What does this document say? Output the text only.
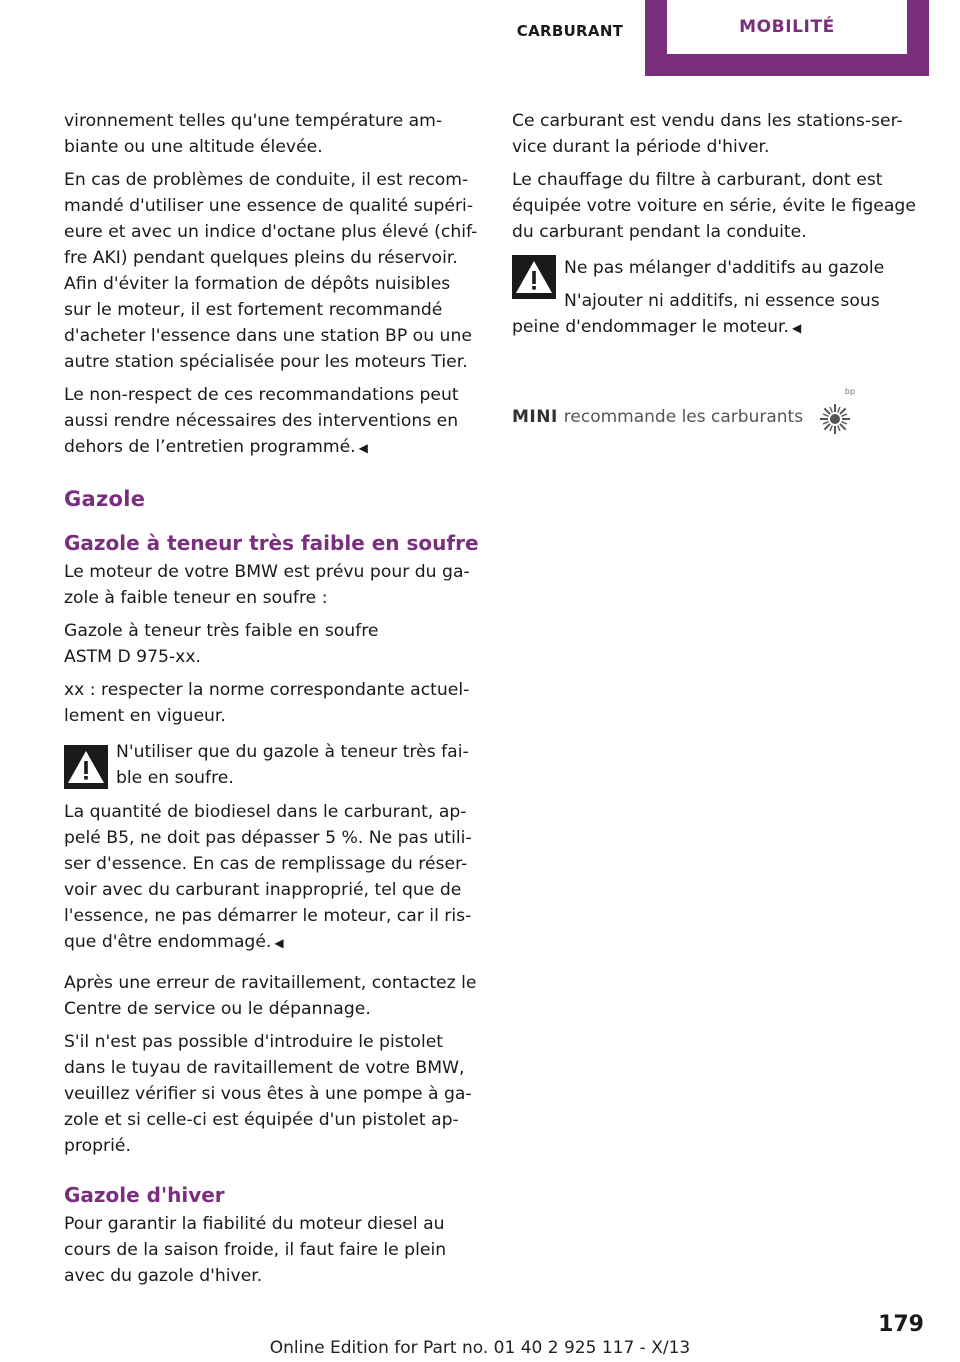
CARBURANT	MOBILITÉ

vironnement telles qu'une température am-biante ou une altitude élevée.

En cas de problèmes de conduite, il est recom-mandé d'utiliser une essence de qualité supéri-eure et avec un indice d'octane plus élevé (chif-fre AKI) pendant quelques pleins du réservoir. Afin d'éviter la formation de dépôts nuisibles sur le moteur, il est fortement recommandé d'acheter l'essence dans une station BP ou une autre station spécialisée pour les moteurs Tier.

Le non-respect de ces recommandations peut aussi rendre nécessaires des interventions en dehors de l’entretien programmé. ◀

Gazole
Gazole à teneur très faible en soufre

Le moteur de votre BMW est prévu pour du ga-zole à faible teneur en soufre :

Gazole à teneur très faible en soufre
ASTM D 975-xx.

xx : respecter la norme correspondante actuel-lement en vigueur.

N'utiliser que du gazole à teneur très fai-ble en soufre.

La quantité de biodiesel dans le carburant, ap-pelé B5, ne doit pas dépasser 5 %. Ne pas utili-ser d'essence. En cas de remplissage du réser-voir avec du carburant inapproprié, tel que de l'essence, ne pas démarrer le moteur, car il ris-que d'être endommagé. ◀

Après une erreur de ravitaillement, contactez le Centre de service ou le dépannage.

S'il n'est pas possible d'introduire le pistolet dans le tuyau de ravitaillement de votre BMW, veuillez vérifier si vous êtes à une pompe à ga-zole et si celle-ci est équipée d'un pistolet ap-proprié.

Gazole d'hiver

Pour garantir la fiabilité du moteur diesel au cours de la saison froide, il faut faire le plein avec du gazole d'hiver.

Ce carburant est vendu dans les stations-ser-vice durant la période d'hiver.

Le chauffage du filtre à carburant, dont est équipée votre voiture en série, évite le figeage du carburant pendant la conduite.

Ne pas mélanger d'additifs au gazole

N'ajouter ni additifs, ni essence sous peine d'endommager le moteur. ◀

MINI recommande les carburants
bp
179
Online Edition for Part no. 01 40 2 925 117 - X/13
